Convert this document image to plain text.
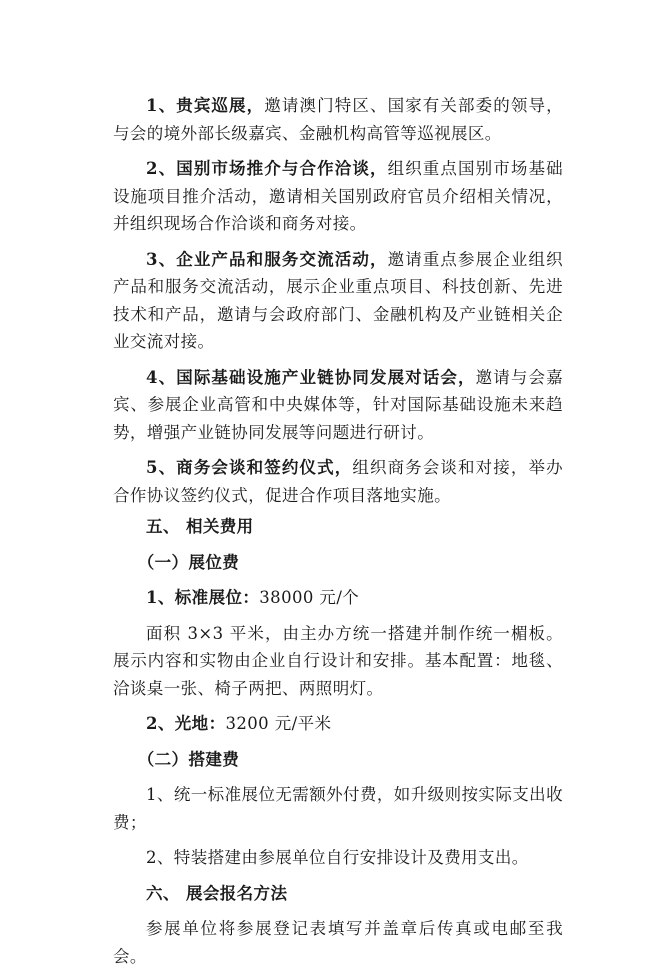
1、贵宾巡展，邀请澳门特区、国家有关部委的领导，与会的境外部长级嘉宾、金融机构高管等巡视展区。

2、国别市场推介与合作洽谈，组织重点国别市场基础设施项目推介活动，邀请相关国别政府官员介绍相关情况，并组织现场合作洽谈和商务对接。

3、企业产品和服务交流活动，邀请重点参展企业组织产品和服务交流活动，展示企业重点项目、科技创新、先进技术和产品，邀请与会政府部门、金融机构及产业链相关企业交流对接。

4、国际基础设施产业链协同发展对话会，邀请与会嘉宾、参展企业高管和中央媒体等，针对国际基础设施未来趋势，增强产业链协同发展等问题进行研讨。

5、商务会谈和签约仪式，组织商务会谈和对接，举办合作协议签约仪式，促进合作项目落地实施。

五、 相关费用

（一）展位费

1、标准展位：38000 元/个

面积 3×3 平米，由主办方统一搭建并制作统一楣板。展示内容和实物由企业自行设计和安排。基本配置：地毯、洽谈桌一张、椅子两把、两照明灯。

2、光地：3200 元/平米

（二）搭建费

1、统一标准展位无需额外付费，如升级则按实际支出收费；

2、特装搭建由参展单位自行安排设计及费用支出。

六、 展会报名方法

参展单位将参展登记表填写并盖章后传真或电邮至我会。
